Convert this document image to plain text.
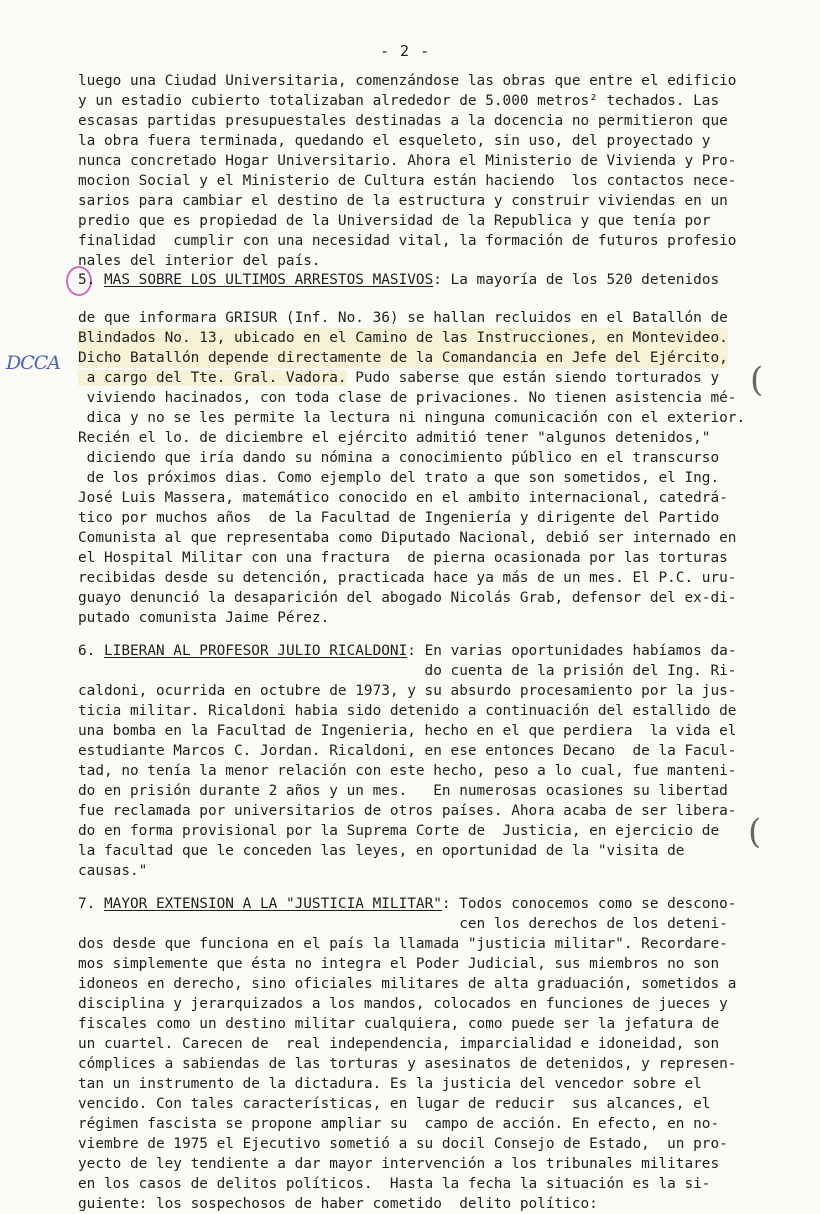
- 2 -
luego una Ciudad Universitaria, comenzándose las obras que entre el edificio
y un estadio cubierto totalizaban alrededor de 5.000 metros² techados. Las
escasas partidas presupuestales destinadas a la docencia no permitieron que
la obra fuera terminada, quedando el esqueleto, sin uso, del proyectado y
nunca concretado Hogar Universitario. Ahora el Ministerio de Vivienda y Pro-
mocion Social y el Ministerio de Cultura están haciendo  los contactos nece-
sarios para cambiar el destino de la estructura y construir viviendas en un
predio que es propiedad de la Universidad de la Republica y que tenía por
finalidad  cumplir con una necesidad vital, la formación de futuros profesio
nales del interior del país.
5. MAS SOBRE LOS ULTIMOS ARRESTOS MASIVOS: La mayoría de los 520 detenidos
de que informara GRISUR (Inf. No. 36) se hallan recluidos en el Batallón de
Blindados No. 13, ubicado en el Camino de las Instrucciones, en Montevideo.
Dicho Batallón depende directamente de la Comandancia en Jefe del Ejército,
a cargo del Tte. Gral. Vadora. Pudo saberse que están siendo torturados y
viviendo hacinados, con toda clase de privaciones. No tienen asistencia mé-
dica y no se les permite la lectura ni ninguna comunicación con el exterior.
Recién el lo. de diciembre el ejército admitió tener "algunos detenidos,"
diciendo que iría dando su nómina a conocimiento público en el transcurso
de los próximos dias. Como ejemplo del trato a que son sometidos, el Ing.
José Luis Massera, matemático conocido en el ambito internacional, catedrá-
tico por muchos años  de la Facultad de Ingeniería y dirigente del Partido
Comunista al que representaba como Diputado Nacional, debió ser internado en
el Hospital Militar con una fractura  de pierna ocasionada por las torturas
recibidas desde su detención, practicada hace ya más de un mes. El P.C. uru-
guayo denunció la desaparición del abogado Nicolás Grab, defensor del ex-di-
putado comunista Jaime Pérez.
DCCA	(
6. LIBERAN AL PROFESOR JULIO RICALDONI: En varias oportunidades habíamos da-
do cuenta de la prisión del Ing. Ri-
caldoni, ocurrida en octubre de 1973, y su absurdo procesamiento por la jus-
ticia militar. Ricaldoni habia sido detenido a continuación del estallido de
una bomba en la Facultad de Ingenieria, hecho en el que perdiera  la vida el
estudiante Marcos C. Jordan. Ricaldoni, en ese entonces Decano  de la Facul-
tad, no tenía la menor relación con este hecho, peso a lo cual, fue manteni-
do en prisión durante 2 años y un mes.   En numerosas ocasiones su libertad
fue reclamada por universitarios de otros países. Ahora acaba de ser libera-
do en forma provisional por la Suprema Corte de  Justicia, en ejercicio de
la facultad que le conceden las leyes, en oportunidad de la "visita de
causas."
7. MAYOR EXTENSION A LA "JUSTICIA MILITAR": Todos conocemos como se descono-
(
cen los derechos de los deteni-
dos desde que funciona en el país la llamada "justicia militar". Recordare-
mos simplemente que ésta no integra el Poder Judicial, sus miembros no son
idoneos en derecho, sino oficiales militares de alta graduación, sometidos a
disciplina y jerarquizados a los mandos, colocados en funciones de jueces y
fiscales como un destino militar cualquiera, como puede ser la jefatura de
un cuartel. Carecen de  real independencia, imparcialidad e idoneidad, son
cómplices a sabiendas de las torturas y asesinatos de detenidos, y represen-
tan un instrumento de la dictadura. Es la justicia del vencedor sobre el
vencido. Con tales características, en lugar de reducir  sus alcances, el
régimen fascista se propone ampliar su  campo de acción. En efecto, en no-
viembre de 1975 el Ejecutivo sometió a su docil Consejo de Estado,  un pro-
yecto de ley tendiente a dar mayor intervención a los tribunales militares
en los casos de delitos políticos.  Hasta la fecha la situación es la si-
guiente: los sospechosos de haber cometido  delito político:
